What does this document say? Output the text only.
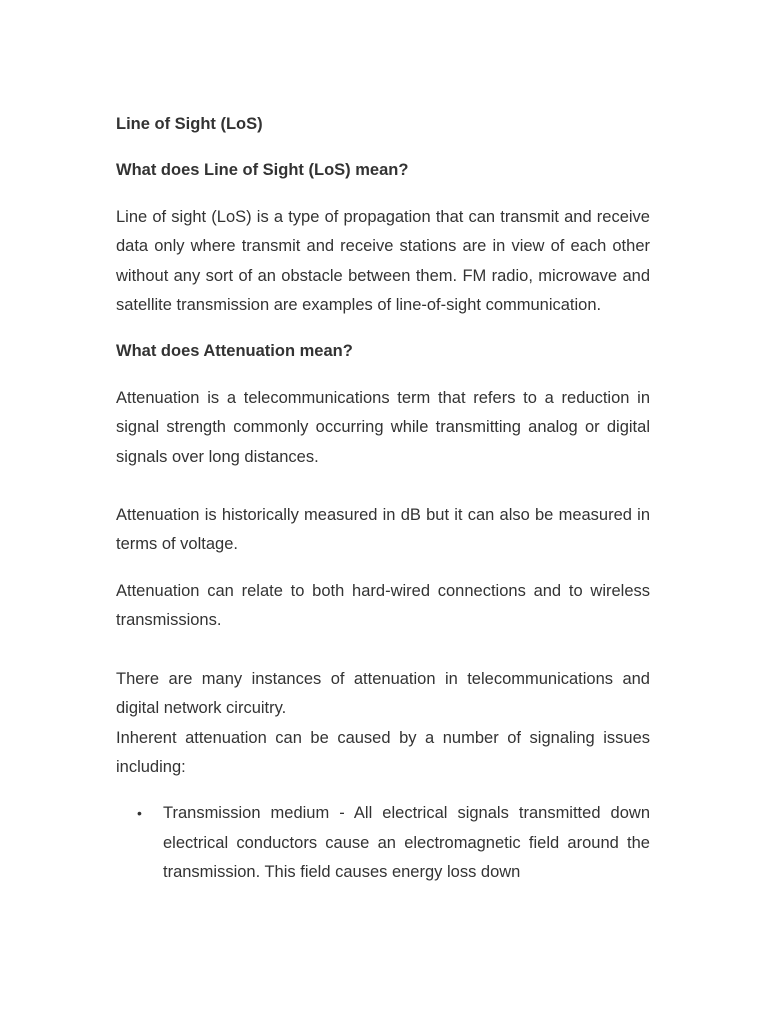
Line of Sight (LoS)
What does Line of Sight (LoS) mean?

Line of sight (LoS) is a type of propagation that can transmit and receive data only where transmit and receive stations are in view of each other without any sort of an obstacle between them. FM radio, microwave and satellite transmission are examples of line-of-sight communication.

What does Attenuation mean?

Attenuation is a telecommunications term that refers to a reduction in signal strength commonly occurring while transmitting analog or digital signals over long distances.

Attenuation is historically measured in dB but it can also be measured in terms of voltage.

Attenuation can relate to both hard-wired connections and to wireless transmissions.

There are many instances of attenuation in telecommunications and digital network circuitry.

Inherent attenuation can be caused by a number of signaling issues including:

• Transmission medium - All electrical signals transmitted down electrical conductors cause an electromagnetic field around the transmission. This field causes energy loss down
